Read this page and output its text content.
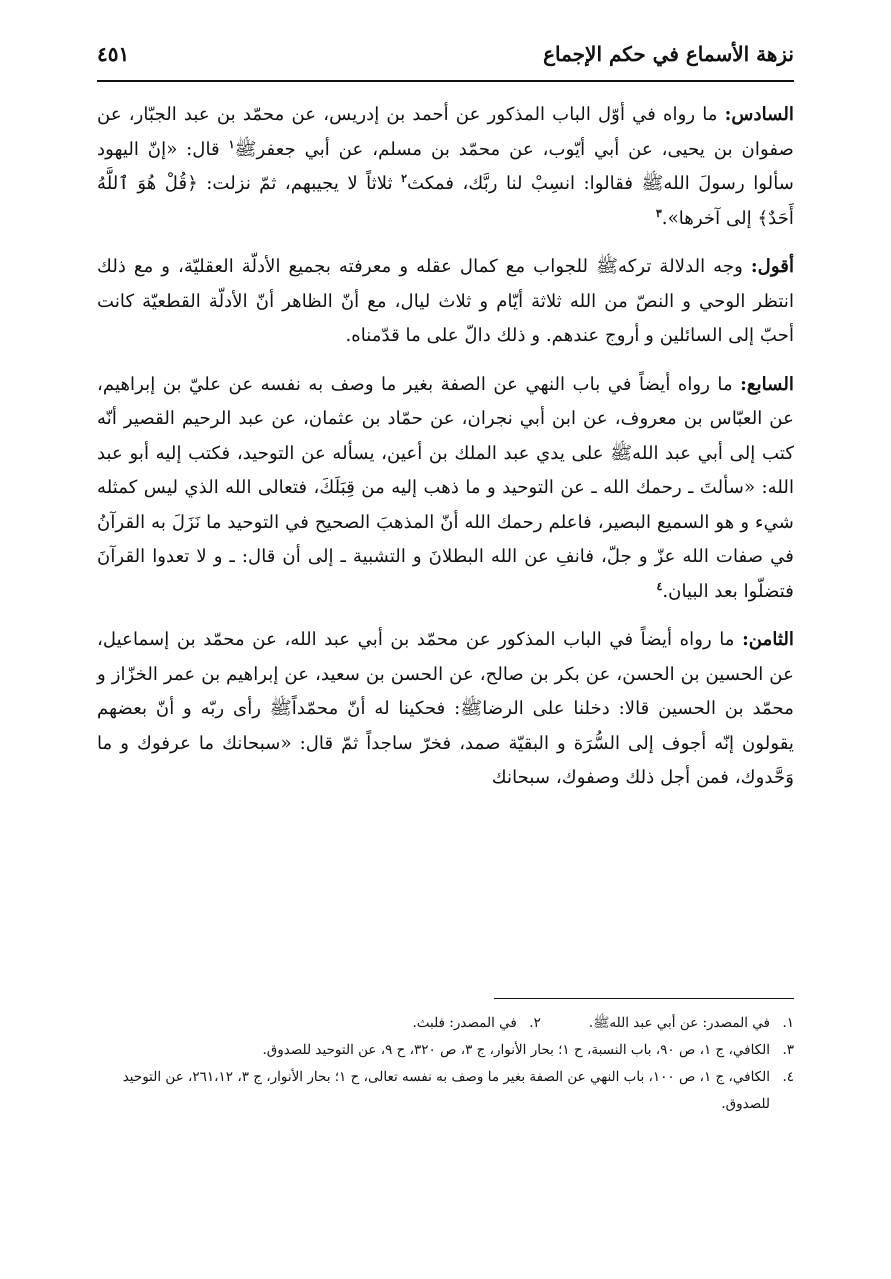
نزهة الأسماع في حكم الإجماع
٤٥١

السادس: ما رواه في أوّل الباب المذكور عن أحمد بن إدريس، عن محمّد بن عبد الجبّار، عن صفوان بن يحيى، عن أبي أيّوب، عن محمّد بن مسلم، عن أبي جعفرﷺ$^١$ قال: «إنّ اليهود سألوا رسولَ اللهﷺ فقالوا: انسِبْ لنا ربَّك، فمكث$^٢$ ثلاثاً لا يجيبهم، ثمّ نزلت: ﴿قُلْ هُوَ ٱللَّهُ أَحَدٌ﴾ إلى آخرها».$^٣$

أقول: وجه الدلالة تركهﷺ للجواب مع كمال عقله و معرفته بجميع الأدلّة العقليّة، و مع ذلك انتظر الوحي و النصّ من الله ثلاثة أيّام و ثلاث ليال، مع أنّ الظاهر أنّ الأدلّة القطعيّة كانت أحبّ إلى السائلين و أروج عندهم. و ذلك دالّ على ما قدّمناه.

السابع: ما رواه أيضاً في باب النهي عن الصفة بغير ما وصف به نفسه عن عليّ بن إبراهيم، عن العبّاس بن معروف، عن ابن أبي نجران، عن حمّاد بن عثمان، عن عبد الرحيم القصير أنّه كتب إلى أبي عبد اللهﷺ على يدي عبد الملك بن أعين، يسأله عن التوحيد، فكتب إليه أبو عبد الله: «سألتَ ـ رحمك الله ـ عن التوحيد و ما ذهب إليه من قِبَلَكَ، فتعالى الله الذي ليس كمثله شيء و هو السميع البصير، فاعلم رحمك الله أنّ المذهبَ الصحيح في التوحيد ما نَزَلَ به القرآنُ في صفات الله عزّ و جلّ، فانفِ عن الله البطلانَ و التشبية ـ إلى أن قال: ـ و لا تعدوا القرآنَ فتضلّوا بعد البيان.$^٤$

الثامن: ما رواه أيضاً في الباب المذكور عن محمّد بن أبي عبد الله، عن محمّد بن إسماعيل، عن الحسين بن الحسن، عن بكر بن صالح، عن الحسن بن سعيد، عن إبراهيم بن عمر الخزّاز و محمّد بن الحسين قالا: دخلنا على الرضاﷺ: فحكينا له أنّ محمّداًﷺ رأى ربّه و أنّ بعضهم يقولون إنّه أجوف إلى السُّرَة و البقيّة صمد، فخرّ ساجداً ثمّ قال: «سبحانك ما عرفوك و ما وَحَّدوك، فمن أجل ذلك وصفوك، سبحانك

١.
في المصدر: عن أبي عبد اللهﷺ.
٢.
في المصدر: فلبث.
٣.
الكافي، ج ١، ص ٩٠، باب النسبة، ح ١؛ بحار الأنوار، ج ٣، ص ٣٢٠، ح ٩، عن التوحيد للصدوق.
٤.
الكافي، ج ١، ص ١٠٠، باب النهي عن الصفة بغير ما وصف به نفسه تعالى، ح ١؛ بحار الأنوار، ج ٣، ٢٦١،١٢، عن التوحيد للصدوق.
